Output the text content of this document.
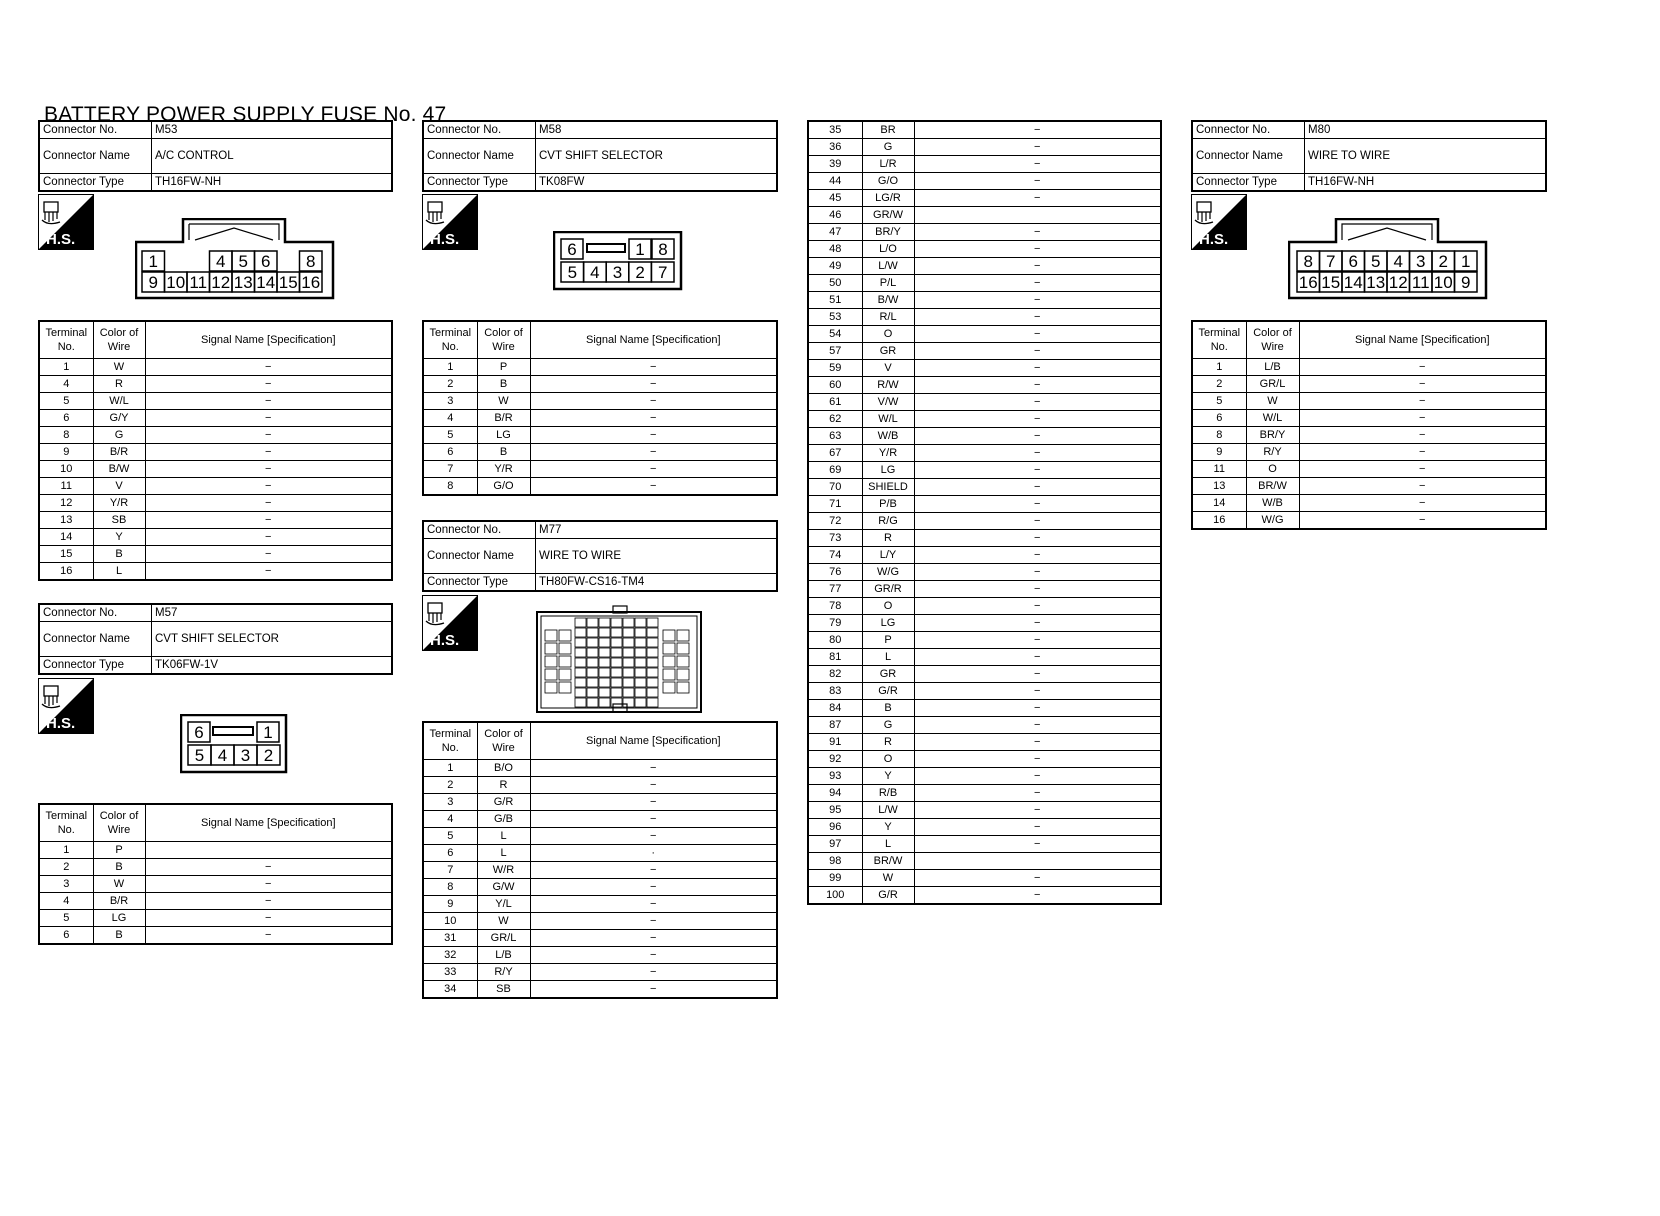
BATTERY POWER SUPPLY FUSE No. 47
Connector No.	M53
Connector Name	A/C CONTROL
Connector Type	TH16FW-NH
H.S.
1	4 5 6 8
9 10 11 12 13 14 15 16
Terminal No.	Color of Wire	Signal Name [Specification]
1	W	−
4	R	−
5	W/L	−
6	G/Y	−
8	G	−
9	B/R	−
10	B/W	−
11	V	−
12	Y/R	−
13	SB	−
14	Y	−
15	B	−
16	L	−
Connector No.	M57
Connector Name	CVT SHIFT SELECTOR
Connector Type	TK06FW-1V
H.S.	6	1
5 4 3 2
Terminal No.	Color of Wire	Signal Name [Specification]
1	P	
2	B	−
3	W	−
4	B/R	−
5	LG	−
6	B	−
Connector No.	M58
Connector Name	CVT SHIFT SELECTOR
Connector Type	TK08FW
H.S.
6	1 8
5 4 3 2 7
Terminal No.	Color of Wire	Signal Name [Specification]
1	P	−
2	B	−
3	W	−
4	B/R	−
5	LG	−
6	B	−
7	Y/R	−
8	G/O	−
Connector No.	M77
Connector Name	WIRE TO WIRE
Connector Type	TH80FW-CS16-TM4
H.S.
Terminal No.	Color of Wire	Signal Name [Specification]
1	B/O	−
2	R	−
3	G/R	−
4	G/B	−
5	L	−
6	L	·
7	W/R	−
8	G/W	−
9	Y/L	−
10	W	−
31	GR/L	−
32	L/B	−
33	R/Y	−
34	SB	−
35	BR	−
36	G	−
39	L/R	−
44	G/O	−
45	LG/R	−
46	GR/W	
47	BR/Y	−
48	L/O	−
49	L/W	−
50	P/L	−
51	B/W	−
53	R/L	−
54	O	−
57	GR	−
59	V	−
60	R/W	−
61	V/W	−
62	W/L	−
63	W/B	−
67	Y/R	−
69	LG	−
70	SHIELD	−
71	P/B	−
72	R/G	−
73	R	−
74	L/Y	−
76	W/G	−
77	GR/R	−
78	O	−
79	LG	−
80	P	−
81	L	−
82	GR	−
83	G/R	−
84	B	−
87	G	−
91	R	−
92	O	−
93	Y	−
94	R/B	−
95	L/W	−
96	Y	−
97	L	−
98	BR/W	
99	W	−
100	G/R	−
Connector No.	M80
Connector Name	WIRE TO WIRE
Connector Type	TH16FW-NH
H.S.
8 7 6 5 4 3 2 1
16 15 14 13 12 11 10 9
Terminal No.	Color of Wire	Signal Name [Specification]
1	L/B	−
2	GR/L	−
5	W	−
6	W/L	−
8	BR/Y	−
9	R/Y	−
11	O	−
13	BR/W	−
14	W/B	−
16	W/G	−
